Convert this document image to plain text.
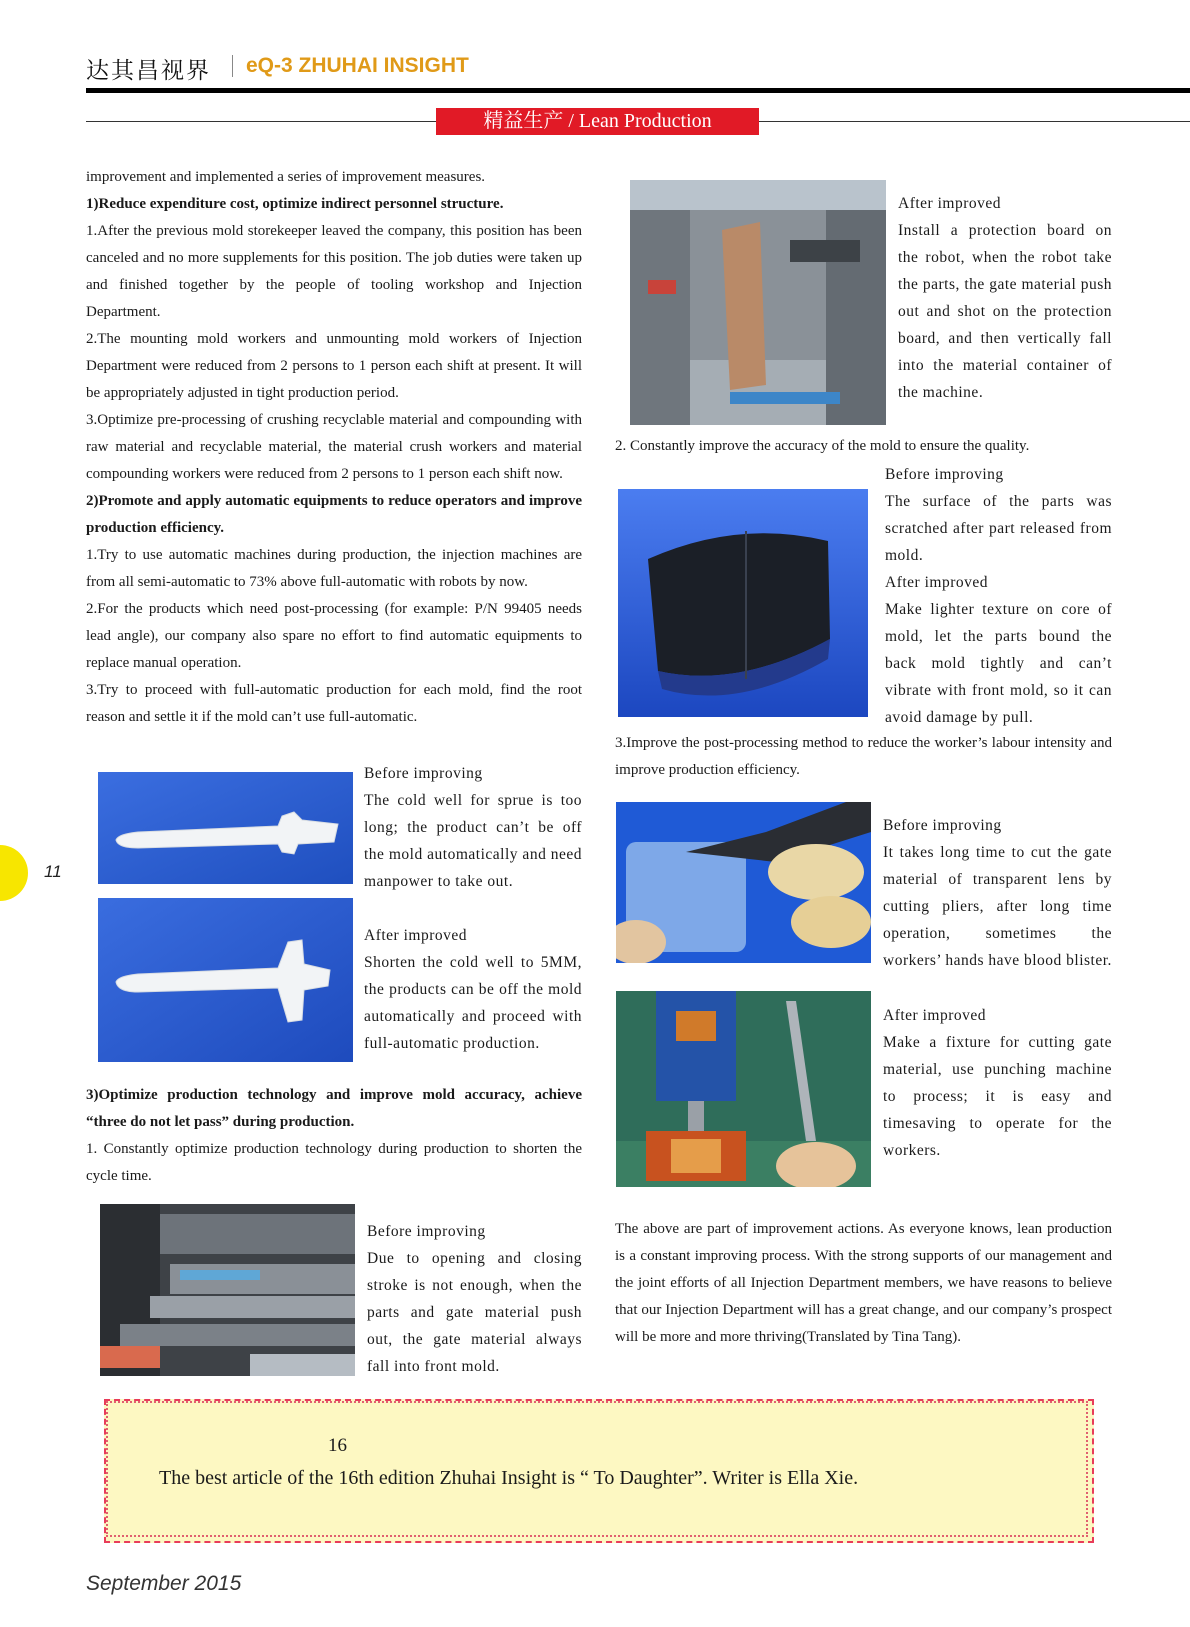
达其昌视界 eQ-3 ZHUHAI INSIGHT
精益生产 / Lean Production
11

improvement and implemented a series of improvement measures.

1)Reduce expenditure cost, optimize indirect personnel structure.

1.After the previous mold storekeeper leaved the company, this position has been canceled and no more supplements for this position. The job duties were taken up and finished together by the people of tooling workshop and Injection Department.

2.The mounting mold workers and unmounting mold workers of Injection Department were reduced from 2 persons to 1 person each shift at present. It will be appropriately adjusted in tight production period.

3.Optimize pre-processing of crushing recyclable material and compounding with raw material and recyclable material, the material crush workers and material compounding workers were reduced from 2 persons to 1 person each shift now.

2)Promote and apply automatic equipments to reduce operators and improve production efficiency.

1.Try to use automatic machines during production, the injection machines are from all semi-automatic to 73% above full-automatic with robots by now.

2.For the products which need post-processing (for example: P/N 99405 needs lead angle), our company also spare no effort to find automatic equipments to replace manual operation.

3.Try to proceed with full-automatic production for each mold, find the root reason and settle it if the mold can’t use full-automatic.

Before improving

The cold well for sprue is too long; the product can’t be off the mold automatically and need manpower to take out.

After improved

Shorten the cold well to 5MM, the products can be off the mold automatically and proceed with full-automatic production.

3)Optimize production technology and improve mold accuracy, achieve “three do not let pass” during production.

1. Constantly optimize production technology during production to shorten the cycle time.

Before improving

Due to opening and closing stroke is not enough, when the parts and gate material push out, the gate material always fall into front mold.

After improved

Install a protection board on the robot, when the robot take the parts, the gate material push out and shot on the protection board, and then vertically fall into the material container of the machine.

2. Constantly improve the accuracy of the mold to ensure the quality.

Before improving

The surface of the parts was scratched after part released from mold.

After improved

Make lighter texture on core of mold, let the parts bound the back mold tightly and can’t vibrate with front mold, so it can avoid damage by pull.

3.Improve the post-processing method to reduce the worker’s labour intensity and improve production efficiency.

Before improving

It takes long time to cut the gate material of transparent lens by cutting pliers, after long time operation, sometimes the workers’ hands have blood blister.

After improved

Make a fixture for cutting gate material, use punching machine to process; it is easy and timesaving to operate for the workers.

The above are part of improvement actions. As everyone knows, lean production is a constant improving process. With the strong supports of our management and the joint efforts of all Injection Department members, we have reasons to believe that our Injection Department will has a great change, and our company’s prospect will be more and more thriving(Translated by Tina Tang).

16
The best article of the 16th edition Zhuhai Insight is “ To Daughter”. Writer is Ella Xie.
September 2015
